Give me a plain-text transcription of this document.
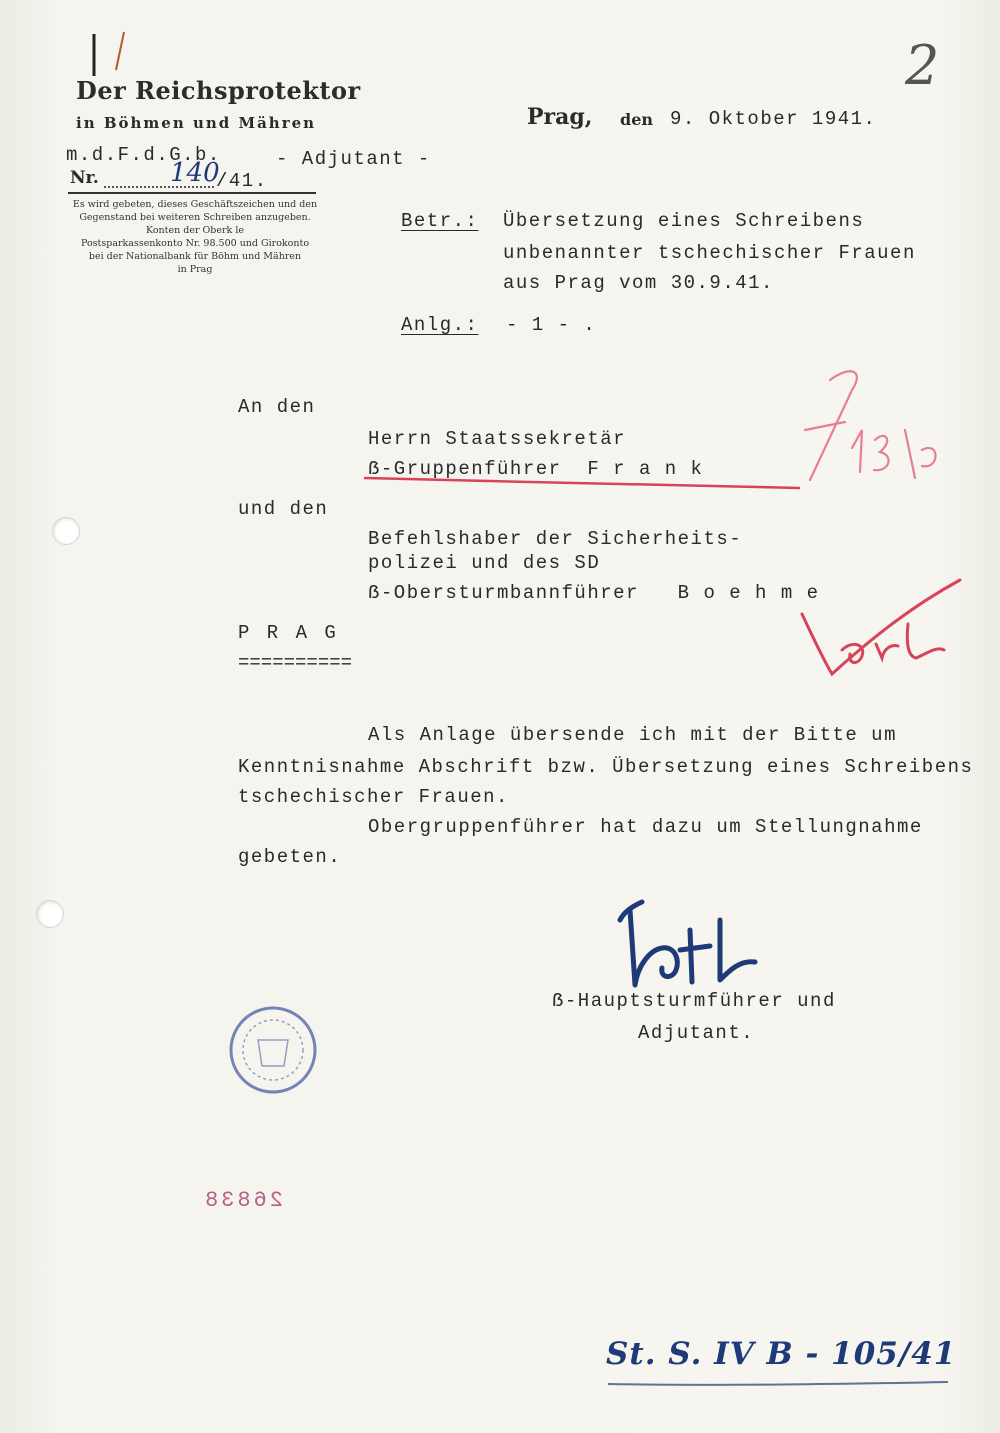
2
Der Reichsprotektor
in Böhmen und Mähren
m.d.F.d.G.b.
Nr.	140
/41.
- Adjutant -
Es wird gebeten, dieses Geschäftszeichen und den
Gegenstand bei weiteren Schreiben anzugeben.
Konten der Oberk le
Postsparkassenkonto Nr. 98.500 und Girokonto
bei der Nationalbank für Böhm und Mähren
in Prag
Prag, den 9. Oktober 1941.
Betr.: Übersetzung eines Schreibens
unbenannter tschechischer Frauen
aus Prag vom 30.9.41.
Anlg.: - 1 - .
An den
Herrn Staatssekretär
ẞ-Gruppenführer  F r a n k
und den
Befehlshaber der Sicherheits-
polizei und des SD
ẞ-Obersturmbannführer   B o e h m e
P R A G
==========
Als Anlage übersende ich mit der Bitte um
Kenntnisnahme Abschrift bzw. Übersetzung eines Schreibens
tschechischer Frauen.
Obergruppenführer hat dazu um Stellungnahme
gebeten.
ẞ-Hauptsturmführer und
Adjutant.
26838
St. S. IV B - 105/41
